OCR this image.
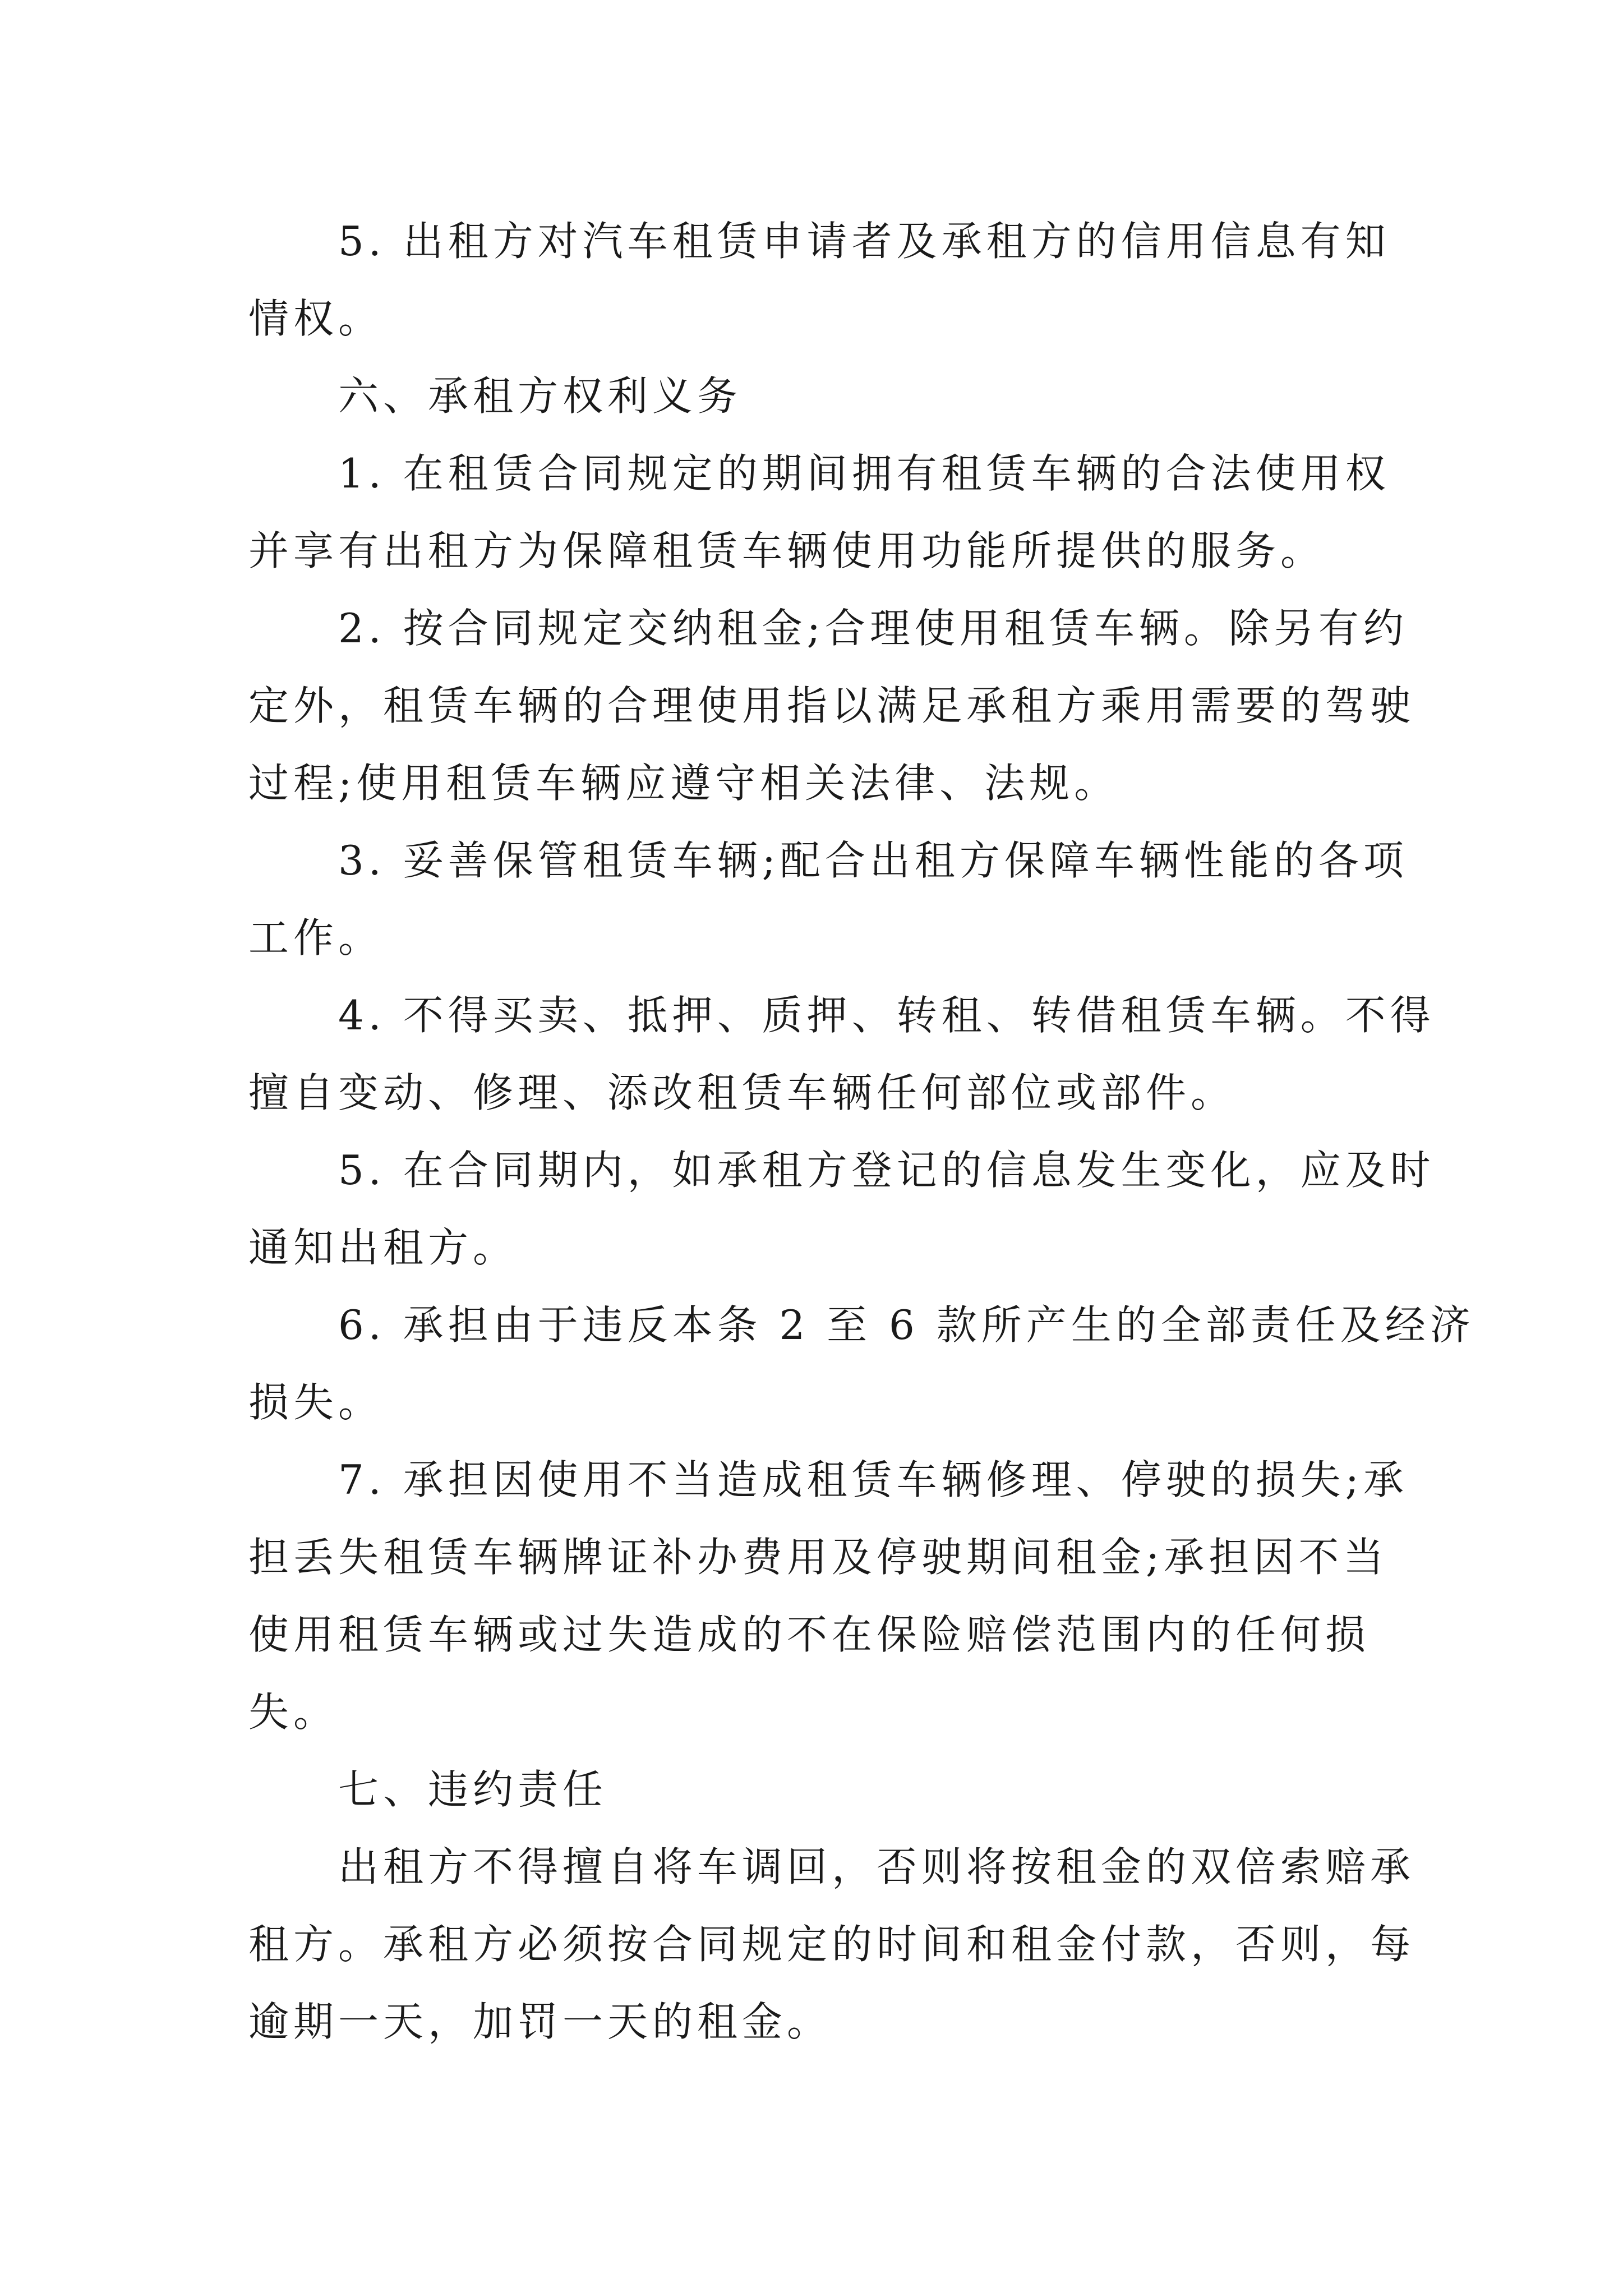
5. 出租方对汽车租赁申请者及承租方的信用信息有知
情权。
六、承租方权利义务
1. 在租赁合同规定的期间拥有租赁车辆的合法使用权
并享有出租方为保障租赁车辆使用功能所提供的服务。
2. 按合同规定交纳租金;合理使用租赁车辆。除另有约
定外，租赁车辆的合理使用指以满足承租方乘用需要的驾驶
过程;使用租赁车辆应遵守相关法律、法规。
3. 妥善保管租赁车辆;配合出租方保障车辆性能的各项
工作。
4. 不得买卖、抵押、质押、转租、转借租赁车辆。不得
擅自变动、修理、添改租赁车辆任何部位或部件。
5. 在合同期内，如承租方登记的信息发生变化，应及时
通知出租方。
6. 承担由于违反本条 2 至 6 款所产生的全部责任及经济
损失。
7. 承担因使用不当造成租赁车辆修理、停驶的损失;承
担丢失租赁车辆牌证补办费用及停驶期间租金;承担因不当
使用租赁车辆或过失造成的不在保险赔偿范围内的任何损
失。
七、违约责任
出租方不得擅自将车调回，否则将按租金的双倍索赔承
租方。承租方必须按合同规定的时间和租金付款，否则，每
逾期一天，加罚一天的租金。
